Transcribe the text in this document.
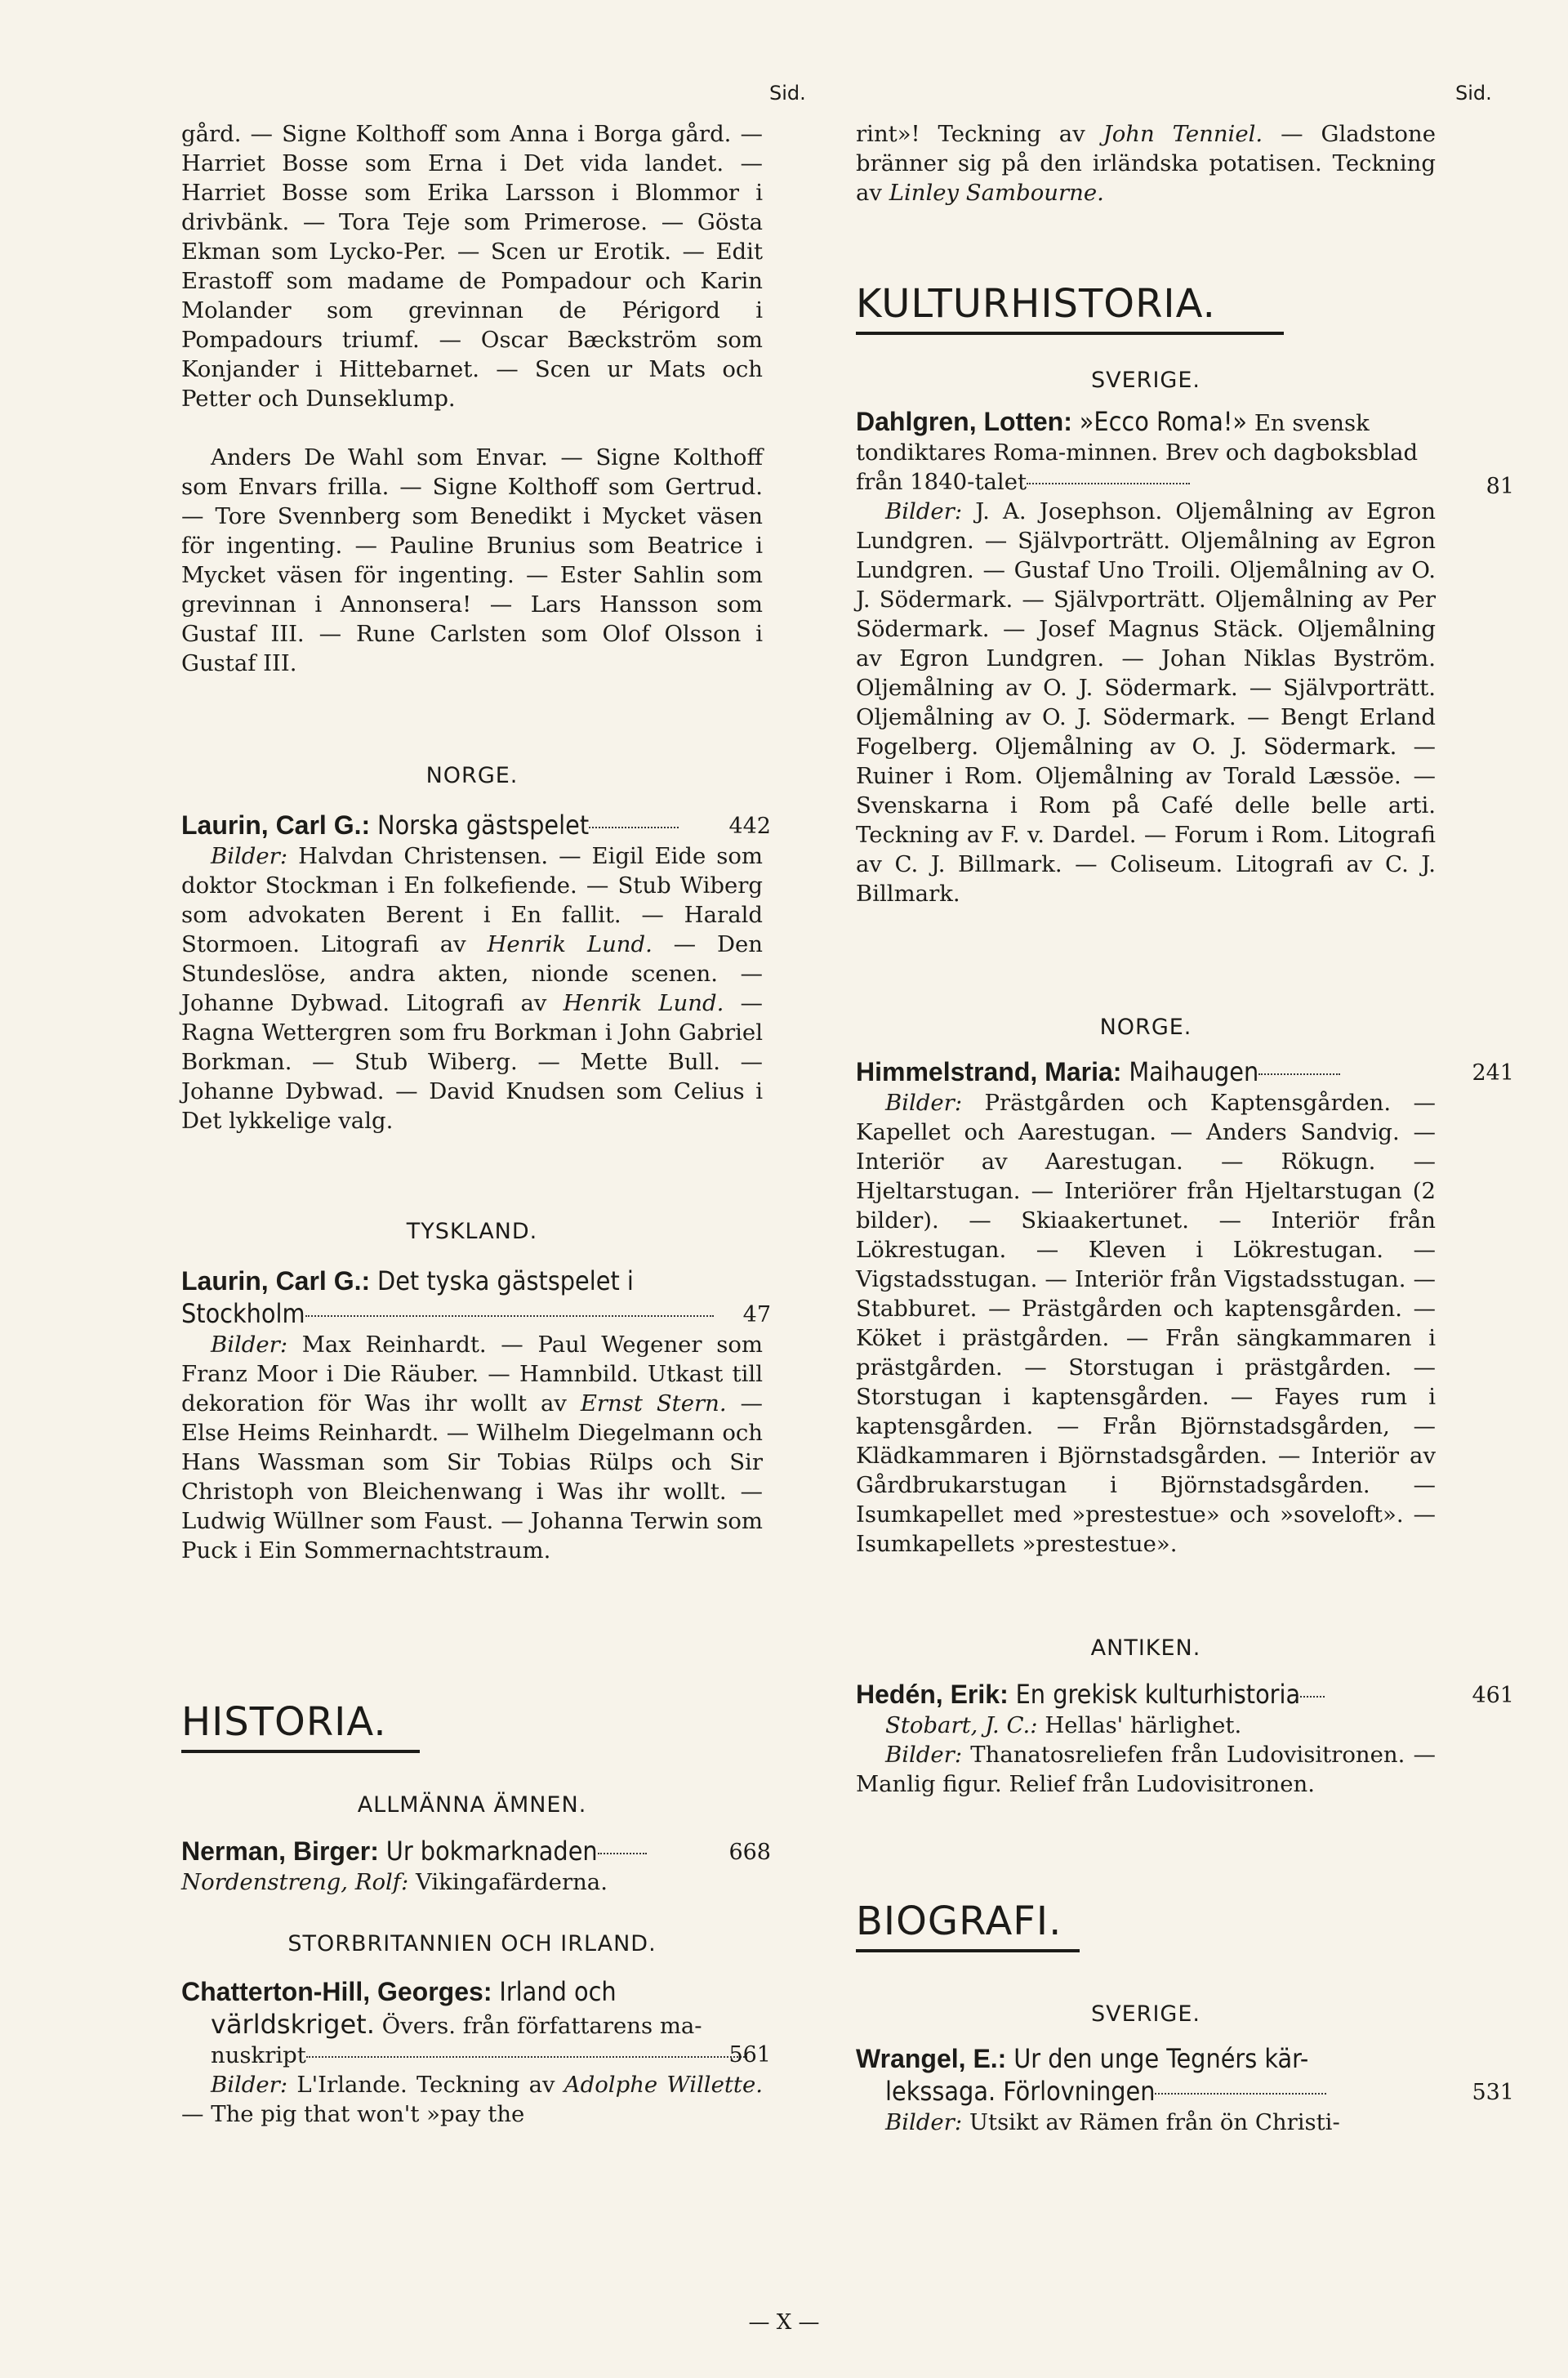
Sid.	Sid.

gård. — Signe Kolthoff som Anna i Borga gård. — Harriet Bosse som Erna i Det vida landet. — Harriet Bosse som Erika Larsson i Blommor i drivbänk. — Tora Teje som Primerose. — Gösta Ekman som Lycko-Per. — Scen ur Erotik. — Edit Erastoff som madame de Pompadour och Karin Molander som grevinnan de Périgord i Pompadours triumf. — Oscar Bæckström som Konjander i Hittebarnet. — Scen ur Mats och Petter och Dunseklump.

Anders De Wahl som Envar. — Signe Kolthoff som Envars frilla. — Signe Kolthoff som Gertrud. — Tore Svennberg som Benedikt i Mycket väsen för ingenting. — Pauline Brunius som Beatrice i Mycket väsen för ingenting. — Ester Sahlin som grevinnan i Annonsera! — Lars Hansson som Gustaf III. — Rune Carlsten som Olof Olsson i Gustaf III.

NORGE.
Laurin, Carl G.: Norska gästspelet	442

Bilder: Halvdan Christensen. — Eigil Eide som doktor Stockman i En folkefiende. — Stub Wiberg som advokaten Berent i En fallit. — Harald Stormoen. Litografi av Henrik Lund. — Den Stundeslöse, andra akten, nionde scenen. — Johanne Dybwad. Litografi av Henrik Lund. — Ragna Wettergren som fru Borkman i John Gabriel Borkman. — Stub Wiberg. — Mette Bull. — Johanne Dybwad. — David Knudsen som Celius i Det lykkelige valg.

TYSKLAND.
Laurin, Carl G.: Det tyska gästspelet i
Stockholm	47

Bilder: Max Reinhardt. — Paul Wegener som Franz Moor i Die Räuber. — Hamnbild. Utkast till dekoration för Was ihr wollt av Ernst Stern. — Else Heims Reinhardt. — Wilhelm Diegelmann och Hans Wassman som Sir Tobias Rülps och Sir Christoph von Bleichenwang i Was ihr wollt. — Ludwig Wüllner som Faust. — Johanna Terwin som Puck i Ein Sommernachtstraum.

HISTORIA.
ALLMÄNNA ÄMNEN.
Nerman, Birger: Ur bokmarknaden	668

Nordenstreng, Rolf: Vikingafärderna.

STORBRITANNIEN OCH IRLAND.
Chatterton-Hill, Georges: Irland och
världskriget. Övers. från författarens ma-
nuskript	561

Bilder: L'Irlande. Teckning av Adolphe Willette. — The pig that won't »pay the

rint»! Teckning av John Tenniel. — Gladstone bränner sig på den irländska potatisen. Teckning av Linley Sambourne.

KULTURHISTORIA.
SVERIGE.
Dahlgren, Lotten: »Ecco Roma!» En svensk tondiktares Roma-minnen. Brev och dagboksblad från 1840-talet	81

Bilder: J. A. Josephson. Oljemålning av Egron Lundgren. — Självporträtt. Oljemålning av Egron Lundgren. — Gustaf Uno Troili. Oljemålning av O. J. Södermark. — Självporträtt. Oljemålning av Per Södermark. — Josef Magnus Stäck. Oljemålning av Egron Lundgren. — Johan Niklas Byström. Oljemålning av O. J. Södermark. — Självporträtt. Oljemålning av O. J. Södermark. — Bengt Erland Fogelberg. Oljemålning av O. J. Södermark. — Ruiner i Rom. Oljemålning av Torald Læssöe. — Svenskarna i Rom på Café delle belle arti. Teckning av F. v. Dardel. — Forum i Rom. Litografi av C. J. Billmark. — Coliseum. Litografi av C. J. Billmark.

NORGE.
Himmelstrand, Maria: Maihaugen	241

Bilder: Prästgården och Kaptensgården. — Kapellet och Aarestugan. — Anders Sandvig. — Interiör av Aarestugan. — Rökugn. — Hjeltarstugan. — Interiörer från Hjeltarstugan (2 bilder). — Skiaakertunet. — Interiör från Lökrestugan. — Kleven i Lökrestugan. — Vigstadsstugan. — Interiör från Vigstadsstugan. — Stabburet. — Prästgården och kaptensgården. — Köket i prästgården. — Från sängkammaren i prästgården. — Storstugan i prästgården. — Storstugan i kaptensgården. — Fayes rum i kaptensgården. — Från Björnstadsgården, — Klädkammaren i Björnstadsgården. — Interiör av Gårdbrukarstugan i Björnstadsgården. — Isumkapellet med »prestestue» och »soveloft». — Isumkapellets »prestestue».

ANTIKEN.
Hedén, Erik: En grekisk kulturhistoria	461

Stobart, J. C.: Hellas' härlighet.

Bilder: Thanatosreliefen från Ludovisitronen. — Manlig figur. Relief från Ludovisitronen.

BIOGRAFI.
SVERIGE.
Wrangel, E.: Ur den unge Tegnérs kär-
lekssaga. Förlovningen	531

Bilder: Utsikt av Rämen från ön Christi-

— X —
